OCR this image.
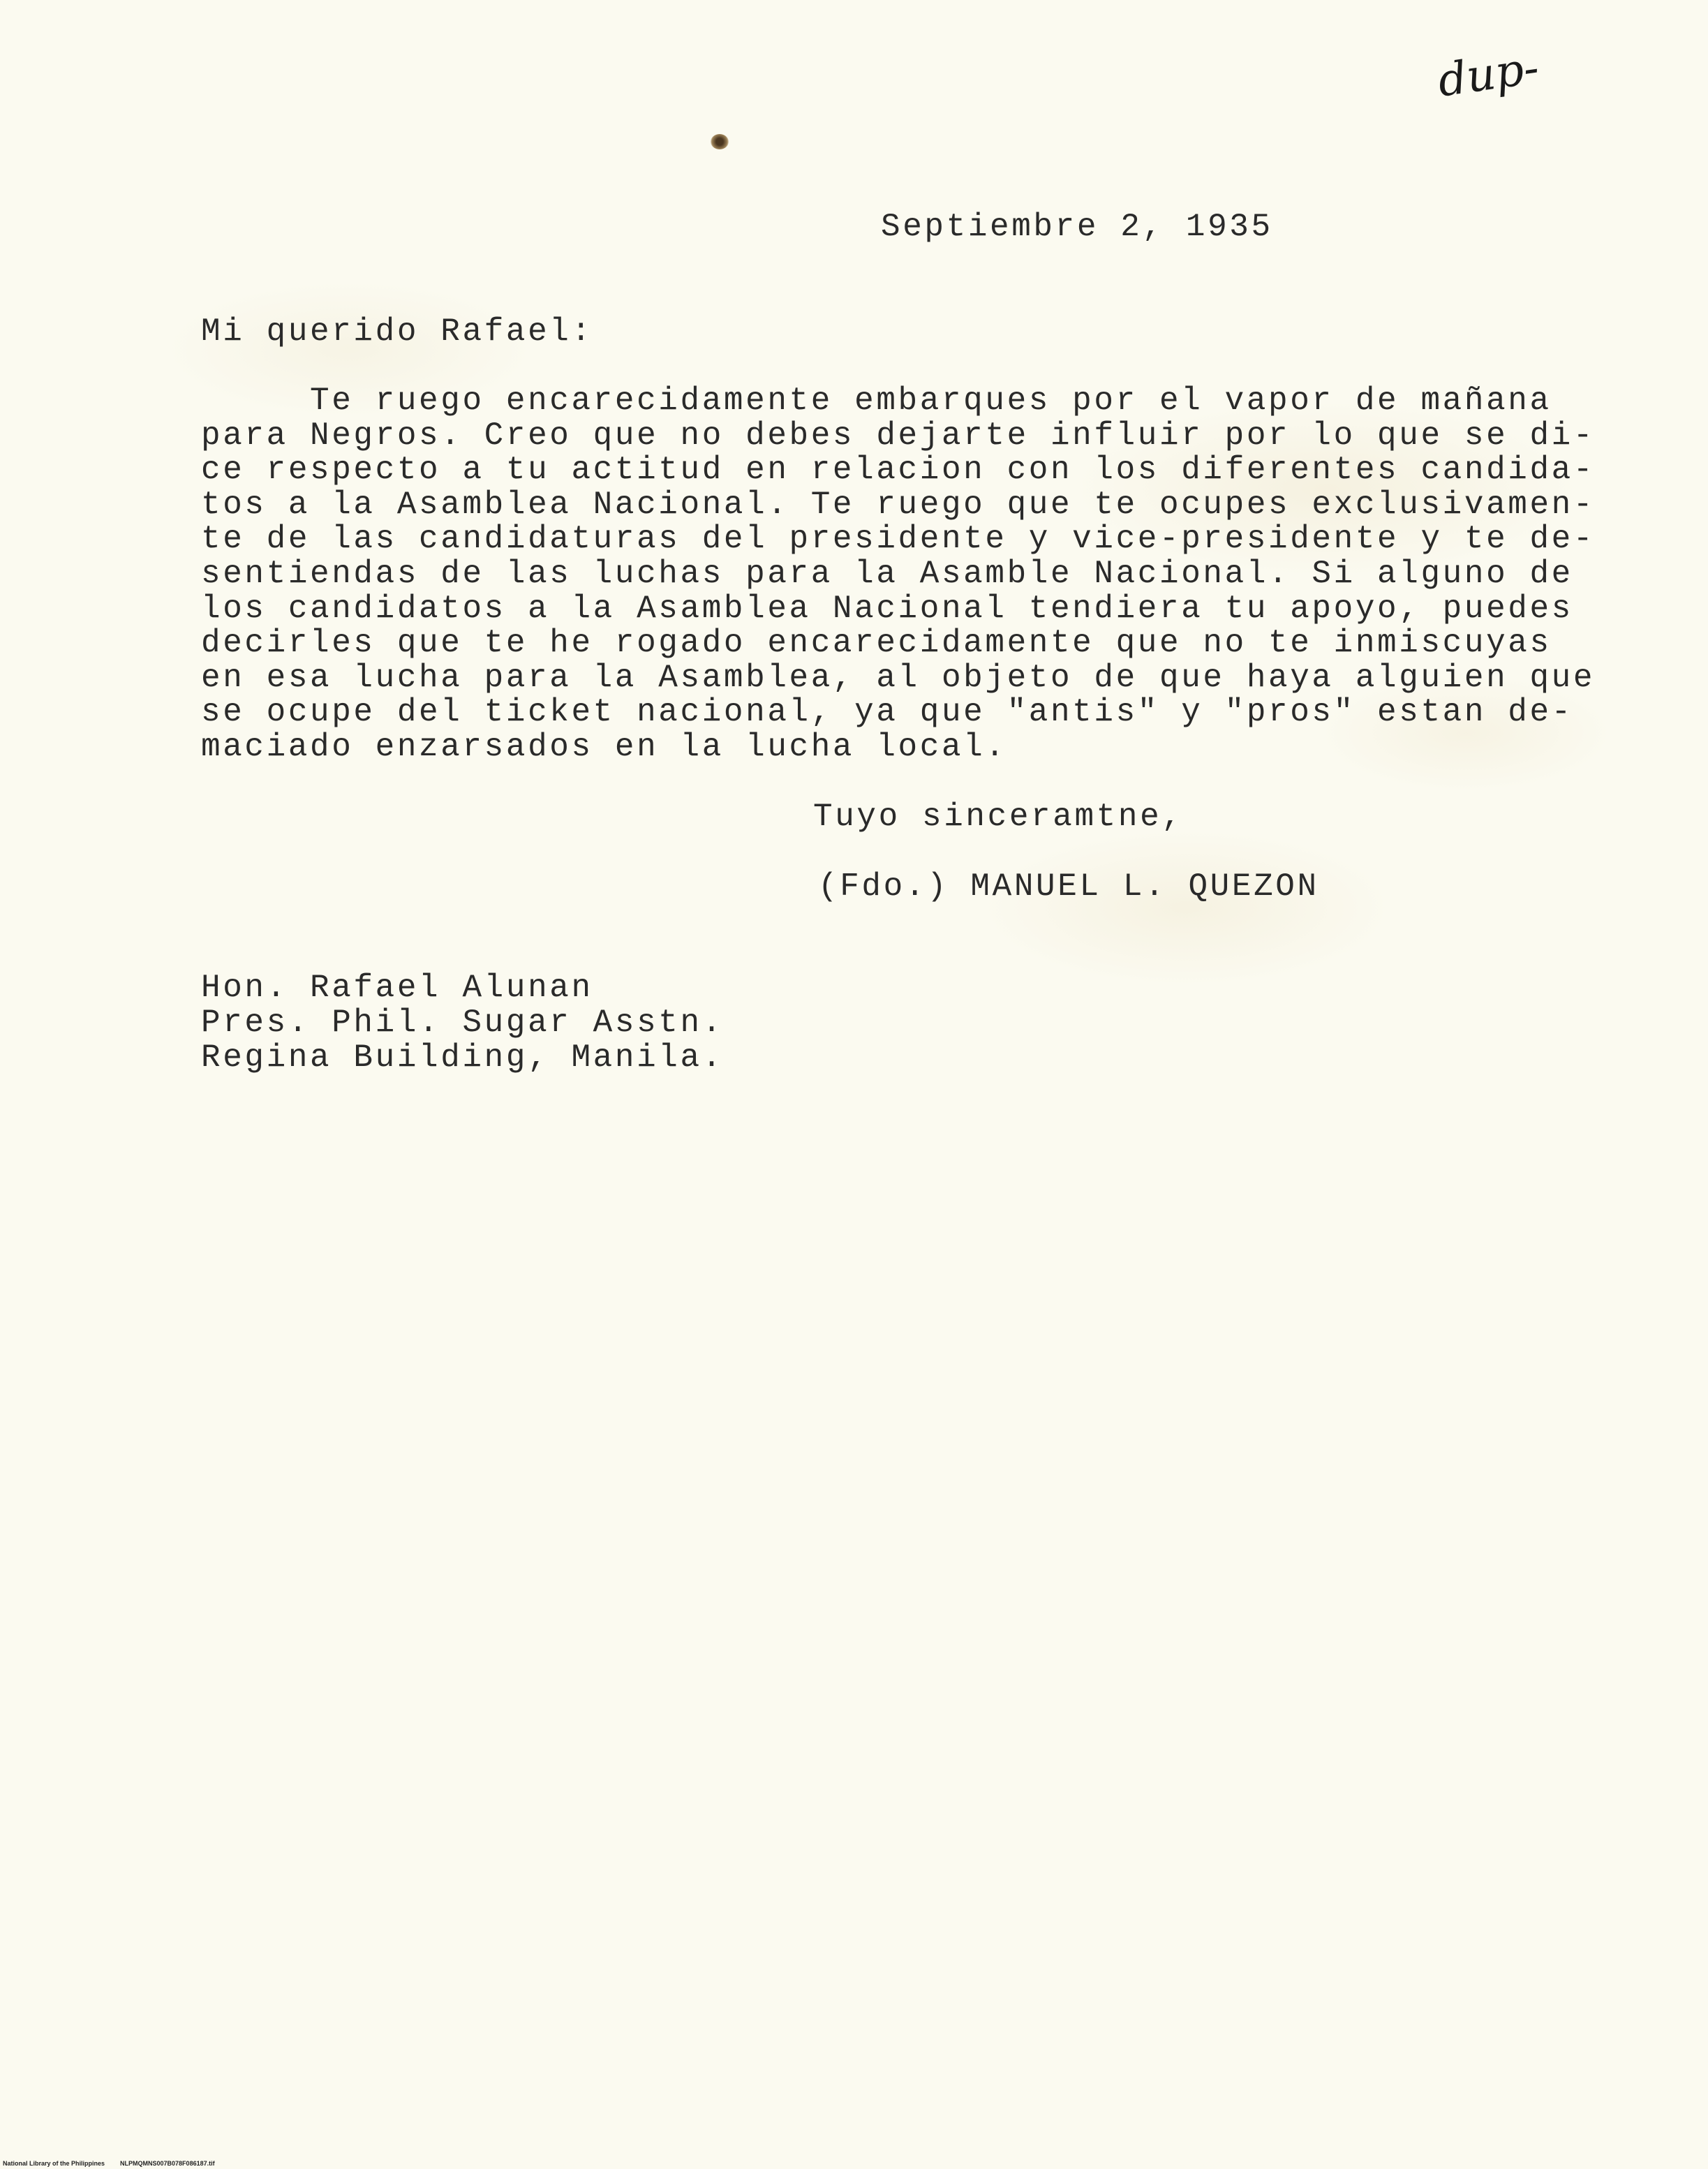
dup-
Septiembre 2, 1935
Mi querido Rafael:
Te ruego encarecidamente embarques por el vapor de mañana
para Negros. Creo que no debes dejarte influir por lo que se di-
ce respecto a tu actitud en relacion con los diferentes candida-
tos a la Asamblea Nacional. Te ruego que te ocupes exclusivamen-
te de las candidaturas del presidente y vice-presidente y te de-
sentiendas de las luchas para la Asamble Nacional. Si alguno de
los candidatos a la Asamblea Nacional tendiera tu apoyo, puedes
decirles que te he rogado encarecidamente que no te inmiscuyas
en esa lucha para la Asamblea, al objeto de que haya alguien que
se ocupe del ticket nacional, ya que "antis" y "pros" estan de-
maciado enzarsados en la lucha local.
Tuyo sinceramtne,
(Fdo.) MANUEL L. QUEZON
Hon. Rafael Alunan
Pres. Phil. Sugar Asstn.
Regina Building, Manila.
National Library of the Philippines NLPMQMNS007B078F086187.tif
